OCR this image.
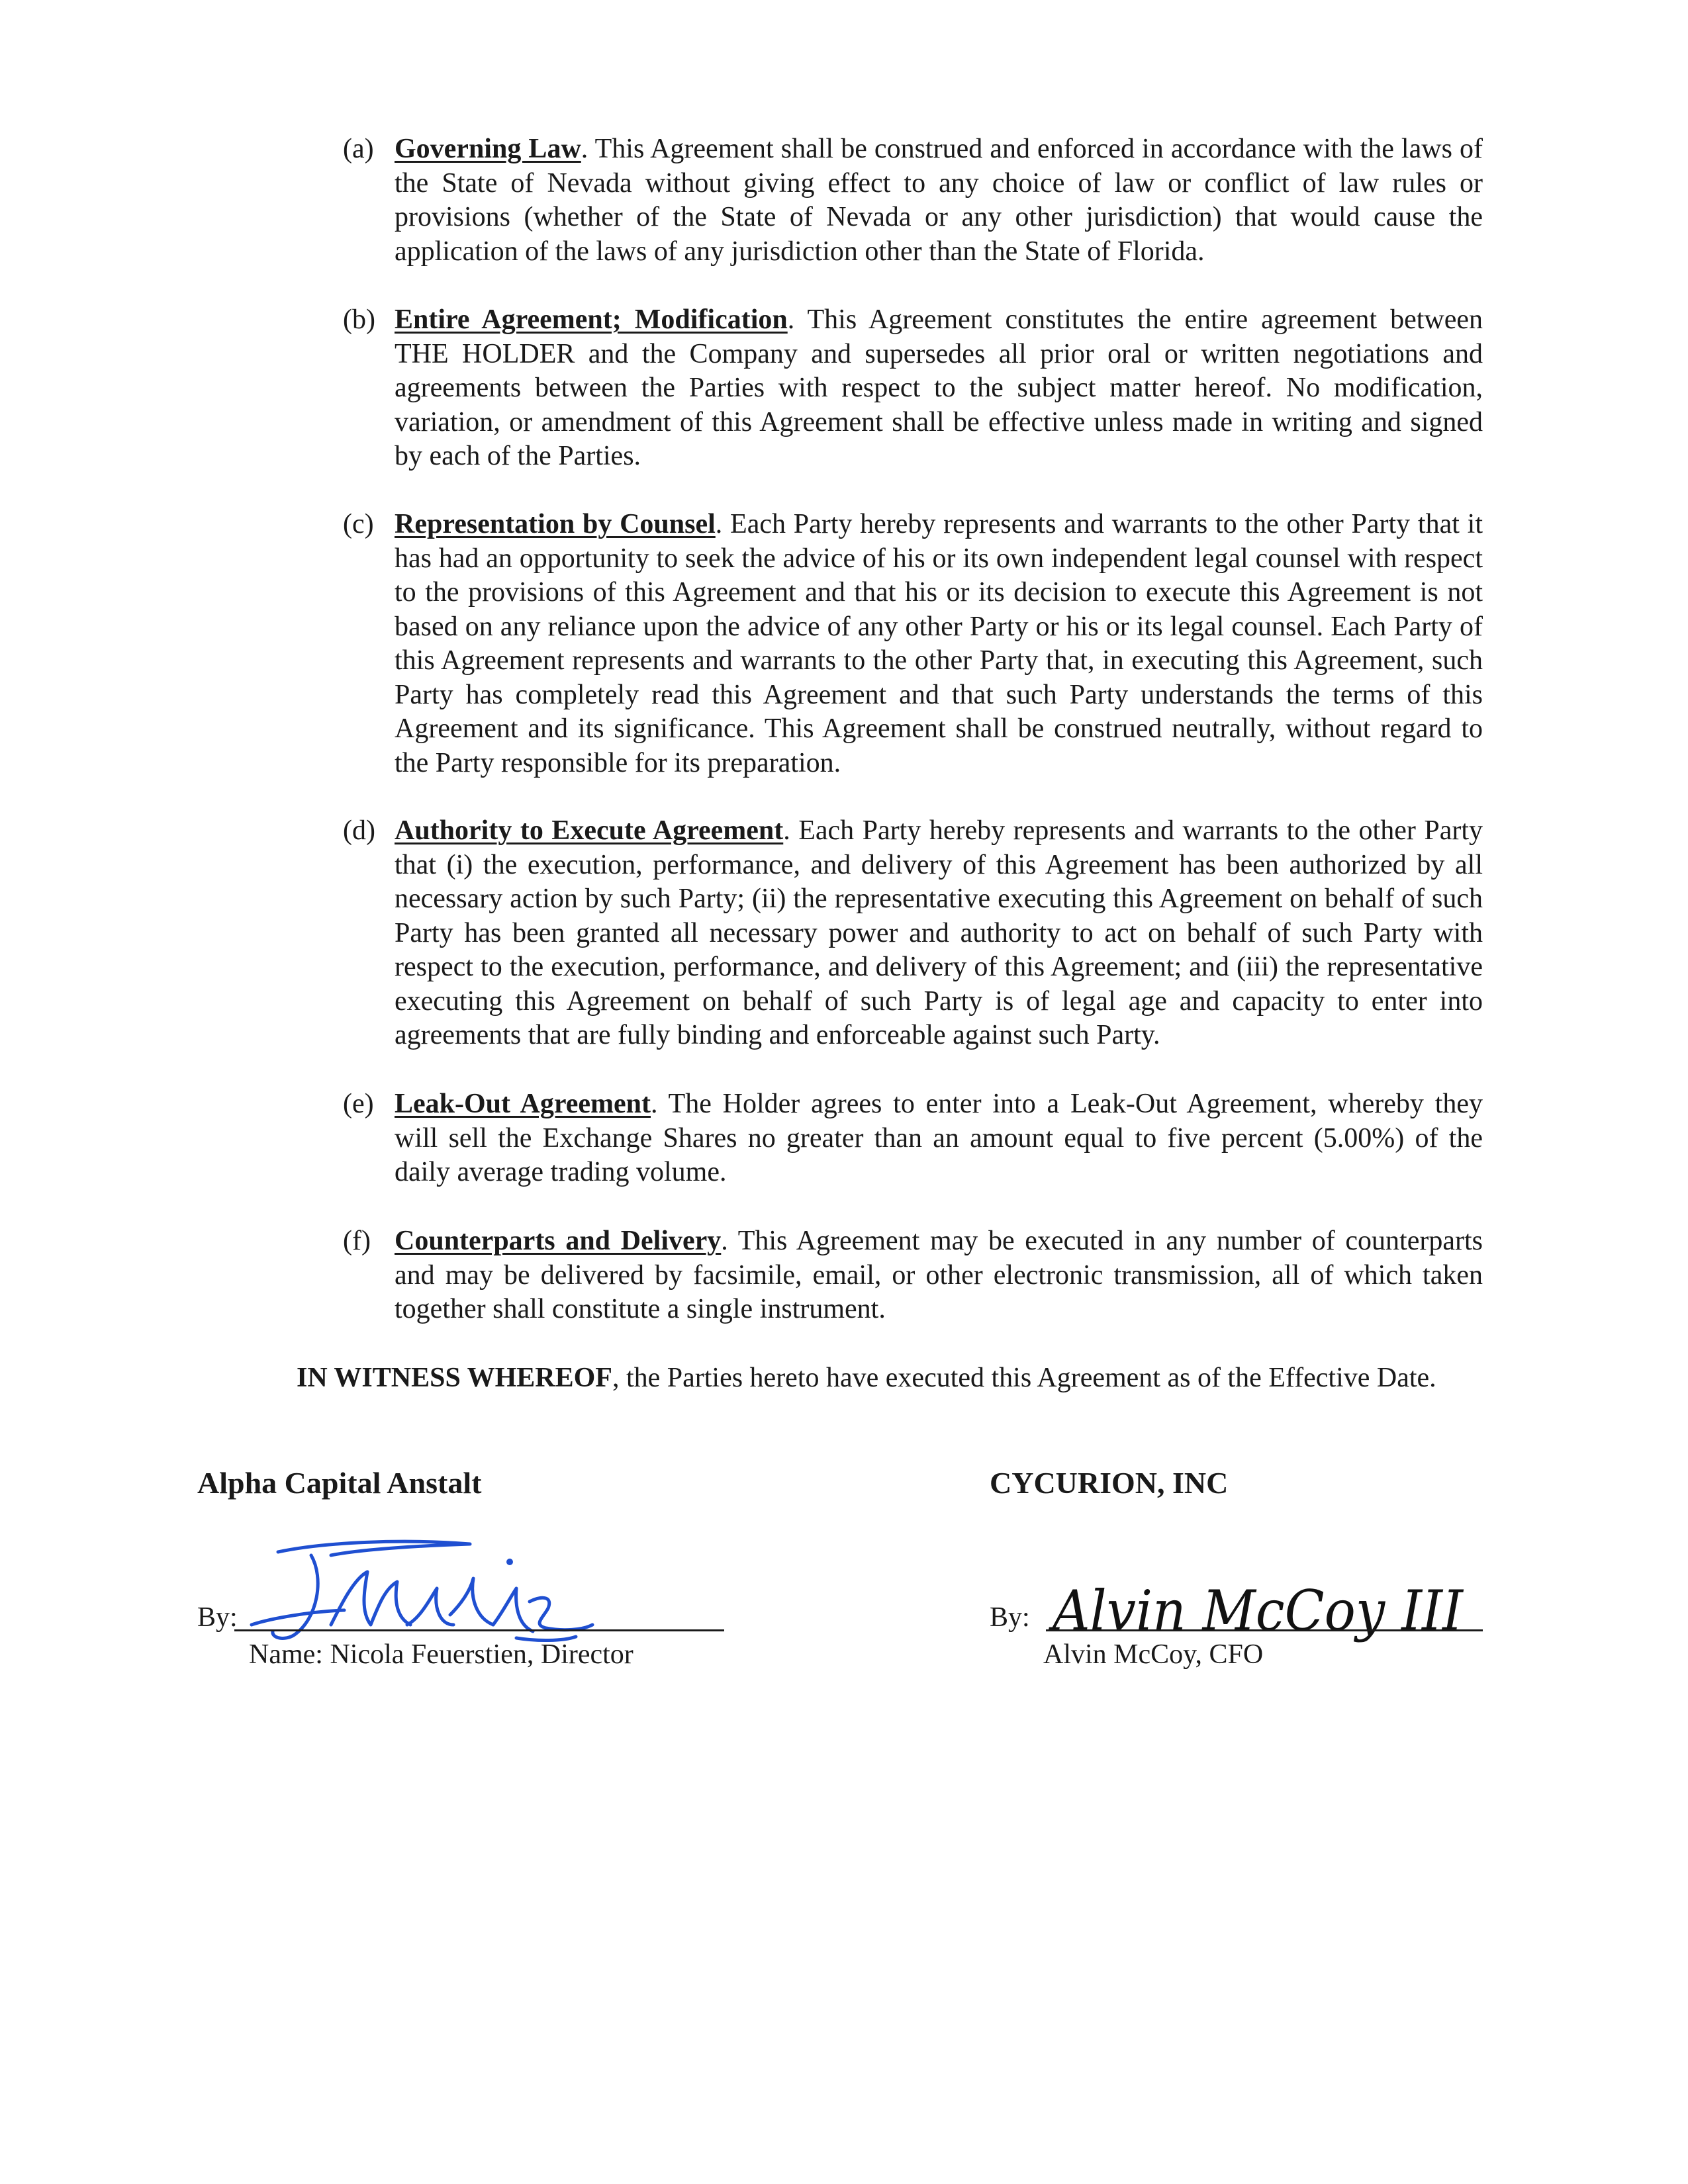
(a) Governing Law. This Agreement shall be construed and enforced in accordance with the laws of the State of Nevada without giving effect to any choice of law or conflict of law rules or provisions (whether of the State of Nevada or any other jurisdiction) that would cause the application of the laws of any jurisdiction other than the State of Florida.
(b) Entire Agreement; Modification. This Agreement constitutes the entire agreement between THE HOLDER and the Company and supersedes all prior oral or written negotiations and agreements between the Parties with respect to the subject matter hereof. No modification, variation, or amendment of this Agreement shall be effective unless made in writing and signed by each of the Parties.
(c) Representation by Counsel. Each Party hereby represents and warrants to the other Party that it has had an opportunity to seek the advice of his or its own independent legal counsel with respect to the provisions of this Agreement and that his or its decision to execute this Agreement is not based on any reliance upon the advice of any other Party or his or its legal counsel. Each Party of this Agreement represents and warrants to the other Party that, in executing this Agreement, such Party has completely read this Agreement and that such Party understands the terms of this Agreement and its significance. This Agreement shall be construed neutrally, without regard to the Party responsible for its preparation.
(d) Authority to Execute Agreement. Each Party hereby represents and warrants to the other Party that (i) the execution, performance, and delivery of this Agreement has been authorized by all necessary action by such Party; (ii) the representative executing this Agreement on behalf of such Party has been granted all necessary power and authority to act on behalf of such Party with respect to the execution, performance, and delivery of this Agreement; and (iii) the representative executing this Agreement on behalf of such Party is of legal age and capacity to enter into agreements that are fully binding and enforceable against such Party.
(e) Leak-Out Agreement. The Holder agrees to enter into a Leak-Out Agreement, whereby they will sell the Exchange Shares no greater than an amount equal to five percent (5.00%) of the daily average trading volume.
(f) Counterparts and Delivery. This Agreement may be executed in any number of counterparts and may be delivered by facsimile, email, or other electronic transmission, all of which taken together shall constitute a single instrument.
IN WITNESS WHEREOF, the Parties hereto have executed this Agreement as of the Effective Date.
Alpha Capital Anstalt	CYCURION, INC
By:
Name: Nicola Feuerstien, Director
Alvin McCoy III
By:
Alvin McCoy, CFO
